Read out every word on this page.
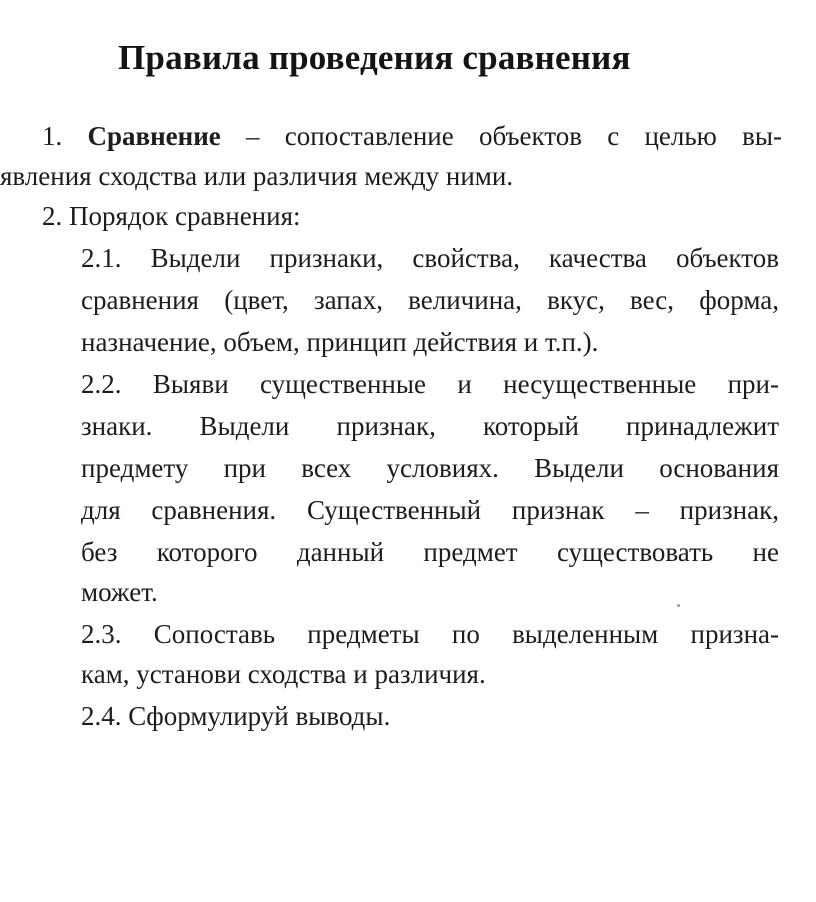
Правила проведения сравнения
1. Сравнение – сопоставление объектов с целью вы-
явления сходства или различия между ними.
2. Порядок сравнения:
2.1. Выдели признаки, свойства, качества объектов
сравнения (цвет, запах, величина, вкус, вес, форма,
назначение, объем, принцип действия и т.п.).
2.2. Выяви существенные и несущественные при-
знаки. Выдели признак, который принадлежит
предмету при всех условиях. Выдели основания
для сравнения. Существенный признак – признак,
без которого данный предмет существовать не
может.
2.3. Сопоставь предметы по выделенным призна-
кам, установи сходства и различия.
2.4. Сформулируй выводы.
